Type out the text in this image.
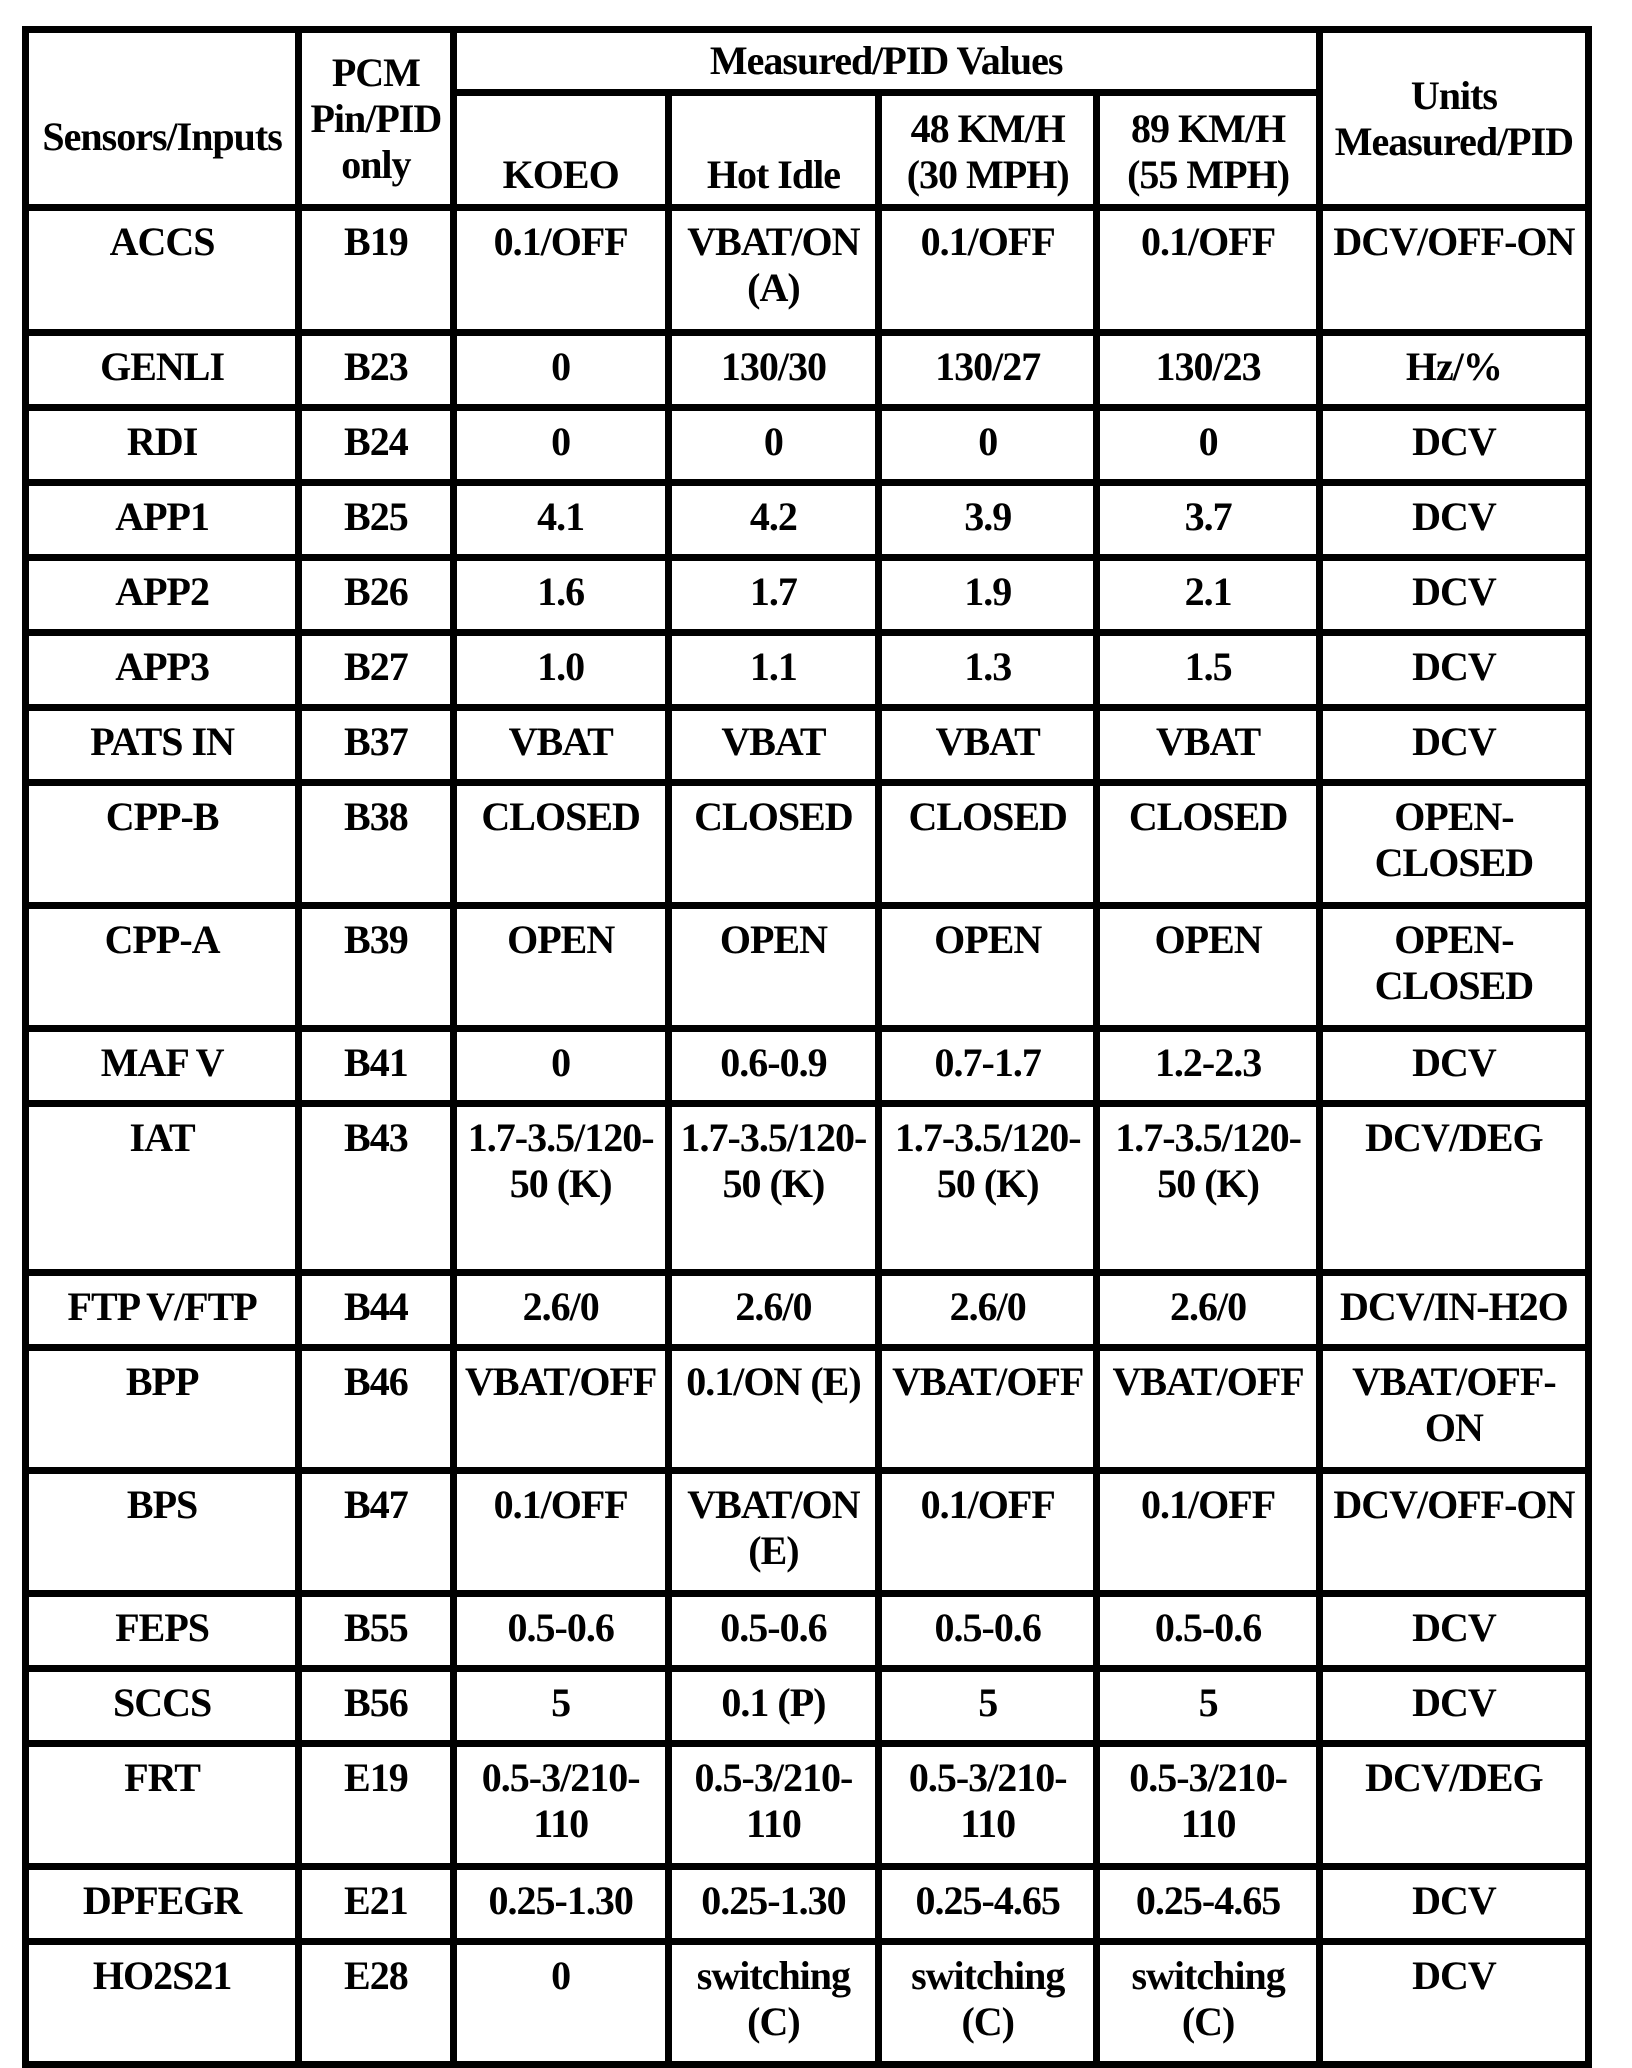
Sensors/Inputs	PCM Pin/PID only	Measured/PID Values				Units Measured/PID
		KOEO	Hot Idle	48 KM/H (30 MPH)	89 KM/H (55 MPH)	
ACCS	B19	0.1/OFF	VBAT/ON (A)	0.1/OFF	0.1/OFF	DCV/OFF-ON
GENLI	B23	0	130/30	130/27	130/23	Hz/%
RDI	B24	0	0	0	0	DCV
APP1	B25	4.1	4.2	3.9	3.7	DCV
APP2	B26	1.6	1.7	1.9	2.1	DCV
APP3	B27	1.0	1.1	1.3	1.5	DCV
PATS IN	B37	VBAT	VBAT	VBAT	VBAT	DCV
CPP-B	B38	CLOSED	CLOSED	CLOSED	CLOSED	OPEN-CLOSED
CPP-A	B39	OPEN	OPEN	OPEN	OPEN	OPEN-CLOSED
MAF V	B41	0	0.6-0.9	0.7-1.7	1.2-2.3	DCV
IAT	B43	1.7-3.5/120-50 (K)	1.7-3.5/120-50 (K)	1.7-3.5/120-50 (K)	1.7-3.5/120-50 (K)	DCV/DEG
FTP V/FTP	B44	2.6/0	2.6/0	2.6/0	2.6/0	DCV/IN-H2O
BPP	B46	VBAT/OFF	0.1/ON (E)	VBAT/OFF	VBAT/OFF	VBAT/OFF-ON
BPS	B47	0.1/OFF	VBAT/ON (E)	0.1/OFF	0.1/OFF	DCV/OFF-ON
FEPS	B55	0.5-0.6	0.5-0.6	0.5-0.6	0.5-0.6	DCV
SCCS	B56	5	0.1 (P)	5	5	DCV
FRT	E19	0.5-3/210-110	0.5-3/210-110	0.5-3/210-110	0.5-3/210-110	DCV/DEG
DPFEGR	E21	0.25-1.30	0.25-1.30	0.25-4.65	0.25-4.65	DCV
HO2S21	E28	0	switching (C)	switching (C)	switching (C)	DCV
